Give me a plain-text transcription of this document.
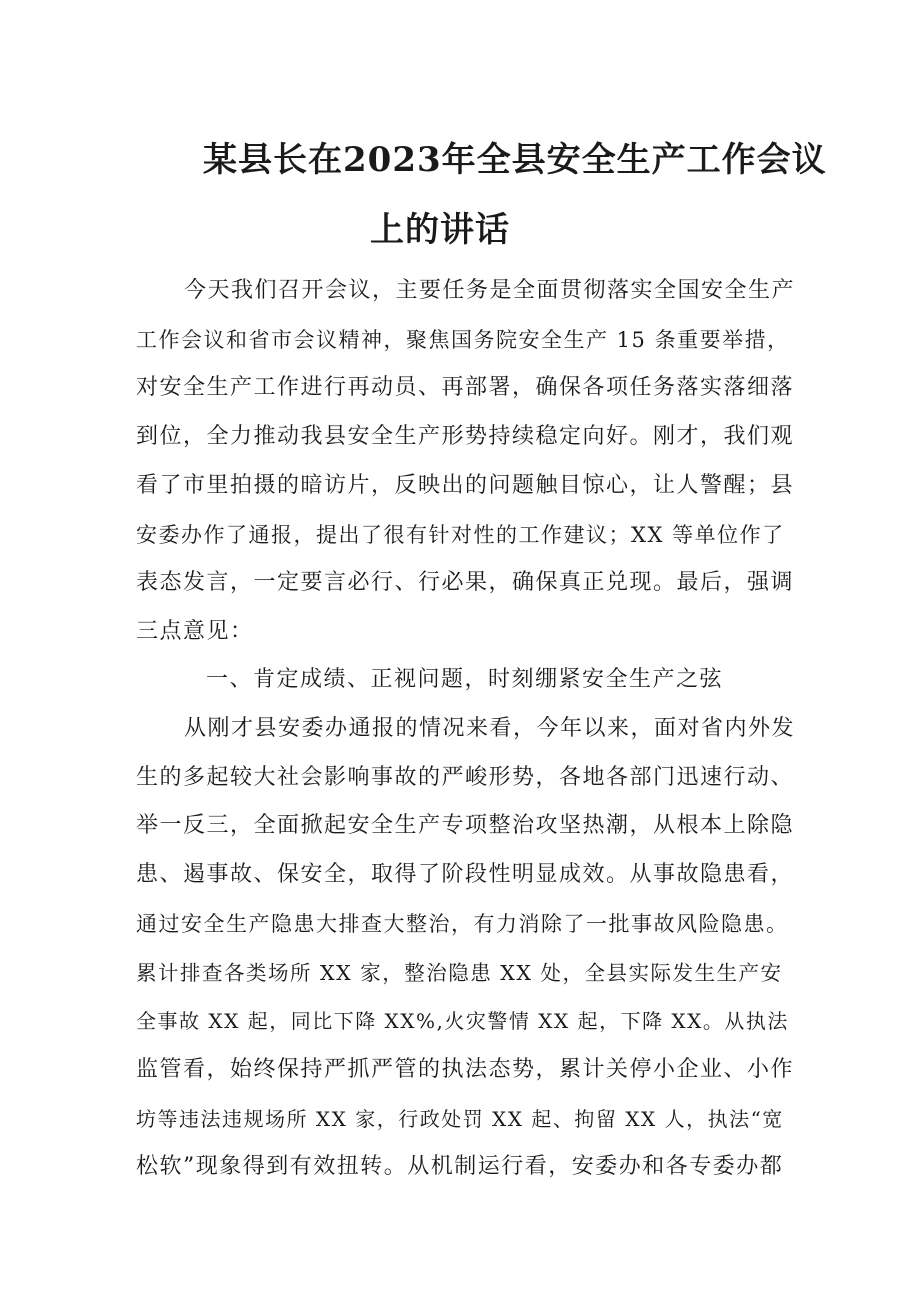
某县长在2023年全县安全生产工作会议
上的讲话
今天我们召开会议，主要任务是全面贯彻落实全国安全生产
工作会议和省市会议精神，聚焦国务院安全生产 15 条重要举措，
对安全生产工作进行再动员、再部署，确保各项任务落实落细落
到位，全力推动我县安全生产形势持续稳定向好。刚才，我们观
看了市里拍摄的暗访片，反映出的问题触目惊心，让人警醒；县
安委办作了通报，提出了很有针对性的工作建议；XX 等单位作了
表态发言，一定要言必行、行必果，确保真正兑现。最后，强调
三点意见：
一、肯定成绩、正视问题，时刻绷紧安全生产之弦
从刚才县安委办通报的情况来看，今年以来，面对省内外发
生的多起较大社会影响事故的严峻形势，各地各部门迅速行动、
举一反三，全面掀起安全生产专项整治攻坚热潮，从根本上除隐
患、遏事故、保安全，取得了阶段性明显成效。从事故隐患看，
通过安全生产隐患大排查大整治，有力消除了一批事故风险隐患。
累计排查各类场所 XX 家，整治隐患 XX 处，全县实际发生生产安
全事故 XX 起，同比下降 XX%,火灾警情 XX 起，下降 XX。从执法
监管看，始终保持严抓严管的执法态势，累计关停小企业、小作
坊等违法违规场所 XX 家，行政处罚 XX 起、拘留 XX 人，执法“宽
松软”现象得到有效扭转。从机制运行看，安委办和各专委办都
